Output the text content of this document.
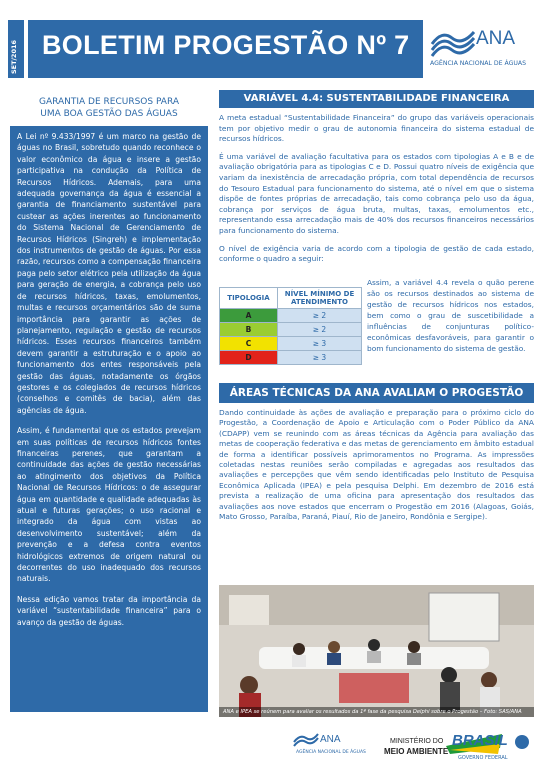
SET/2016 BOLETIM PROGESTÃO Nº 7	ANA
AGÊNCIA NACIONAL DE ÁGUAS
GARANTIA DE RECURSOS PARA
UMA BOA GESTÃO DAS ÁGUAS

A Lei nº 9.433/1997 é um marco na gestão de águas no Brasil, sobretudo quando reconhece o valor econômico da água e insere a gestão participativa na condução da Política de Recursos Hídricos. Ademais, para uma adequada governança da água é essencial a garantia de financiamento sustentável para custear as ações inerentes ao funcionamento do Sistema Nacional de Gerenciamento de Recursos Hídricos (Singreh) e implementação dos instrumentos de gestão de águas. Por essa razão, recursos como a compensação financeira paga pelo setor elétrico pela utilização da água para geração de energia, a cobrança pelo uso de recursos hídricos, taxas, emolumentos, multas e recursos orçamentários são de suma importância para garantir as ações de planejamento, regulação e gestão de recursos hídricos. Esses recursos financeiros também devem garantir a estruturação e o apoio ao funcionamento dos entes responsáveis pela gestão das águas, notadamente os órgãos gestores e os colegiados de recursos hídricos (conselhos e comitês de bacia), além das agências de água.

Assim, é fundamental que os estados prevejam em suas políticas de recursos hídricos fontes financeiras perenes, que garantam a continuidade das ações de gestão necessárias ao atingimento dos objetivos da Política Nacional de Recursos Hídricos: o de assegurar água em quantidade e qualidade adequadas às atual e futuras gerações; o uso racional e integrado da água com vistas ao desenvolvimento sustentável; além da prevenção e a defesa contra eventos hidrológicos extremos de origem natural ou decorrentes do uso inadequado dos recursos naturais.

Nessa edição vamos tratar da importância da variável “sustentabilidade financeira” para o avanço da gestão de águas.

VARIÁVEL 4.4: SUSTENTABILIDADE FINANCEIRA

A meta estadual “Sustentabilidade Financeira” do grupo das variáveis operacionais tem por objetivo medir o grau de autonomia financeira do sistema estadual de recursos hídricos.

É uma variável de avaliação facultativa para os estados com tipologias A e B e de avaliação obrigatória para as tipologias C e D. Possui quatro níveis de exigência que variam da inexistência de arrecadação própria, com total dependência de recursos do Tesouro Estadual para funcionamento do sistema, até o nível em que o sistema dispõe de fontes próprias de arrecadação, tais como cobrança pelo uso da água, cobrança por serviços de água bruta, multas, taxas, emolumentos etc., representando essa arrecadação mais de 40% dos recursos financeiros necessários para funcionamento do sistema.

O nível de exigência varia de acordo com a tipologia de gestão de cada estado, conforme o quadro a seguir:

TIPOLOGIA	NÍVEL MÍNIMO DE ATENDIMENTO
A	≥ 2
B	≥ 2
C	≥ 3
D	≥ 3

Assim, a variável 4.4 revela o quão perene são os recursos destinados ao sistema de gestão de recursos hídricos nos estados, bem como o grau de suscetibilidade a influências de conjunturas político-econômicas desfavoráveis, para garantir o bom funcionamento do sistema de gestão.

ÁREAS TÉCNICAS DA ANA AVALIAM O PROGESTÃO

Dando continuidade às ações de avaliação e preparação para o próximo ciclo do Progestão, a Coordenação de Apoio e Articulação com o Poder Público da ANA (CDAPP) vem se reunindo com as áreas técnicas da Agência para avaliação das metas de cooperação federativa e das metas de gerenciamento em âmbito estadual de forma a identificar possíveis aprimoramentos no Programa. As impressões coletadas nestas reuniões serão compiladas e agregadas aos resultados das avaliações e percepções que vêm sendo identificadas pelo Instituto de Pesquisa Econômica Aplicada (IPEA) e pela pesquisa Delphi. Em dezembro de 2016 está prevista a realização de uma oficina para apresentação dos resultados das avaliações aos nove estados que encerram o Progestão em 2016 (Alagoas, Goiás, Mato Grosso, Paraíba, Paraná, Piauí, Rio de Janeiro, Rondônia e Sergipe).

ANA e IPEA se reúnem para avaliar os resultados da 1ª fase da pesquisa Delphi sobre o Progestão – Foto: SAS/ANA
ANA
AGÊNCIA NACIONAL DE ÁGUAS
MINISTÉRIO DO
MEIO AMBIENTE
BRASIL
GOVERNO FEDERAL
